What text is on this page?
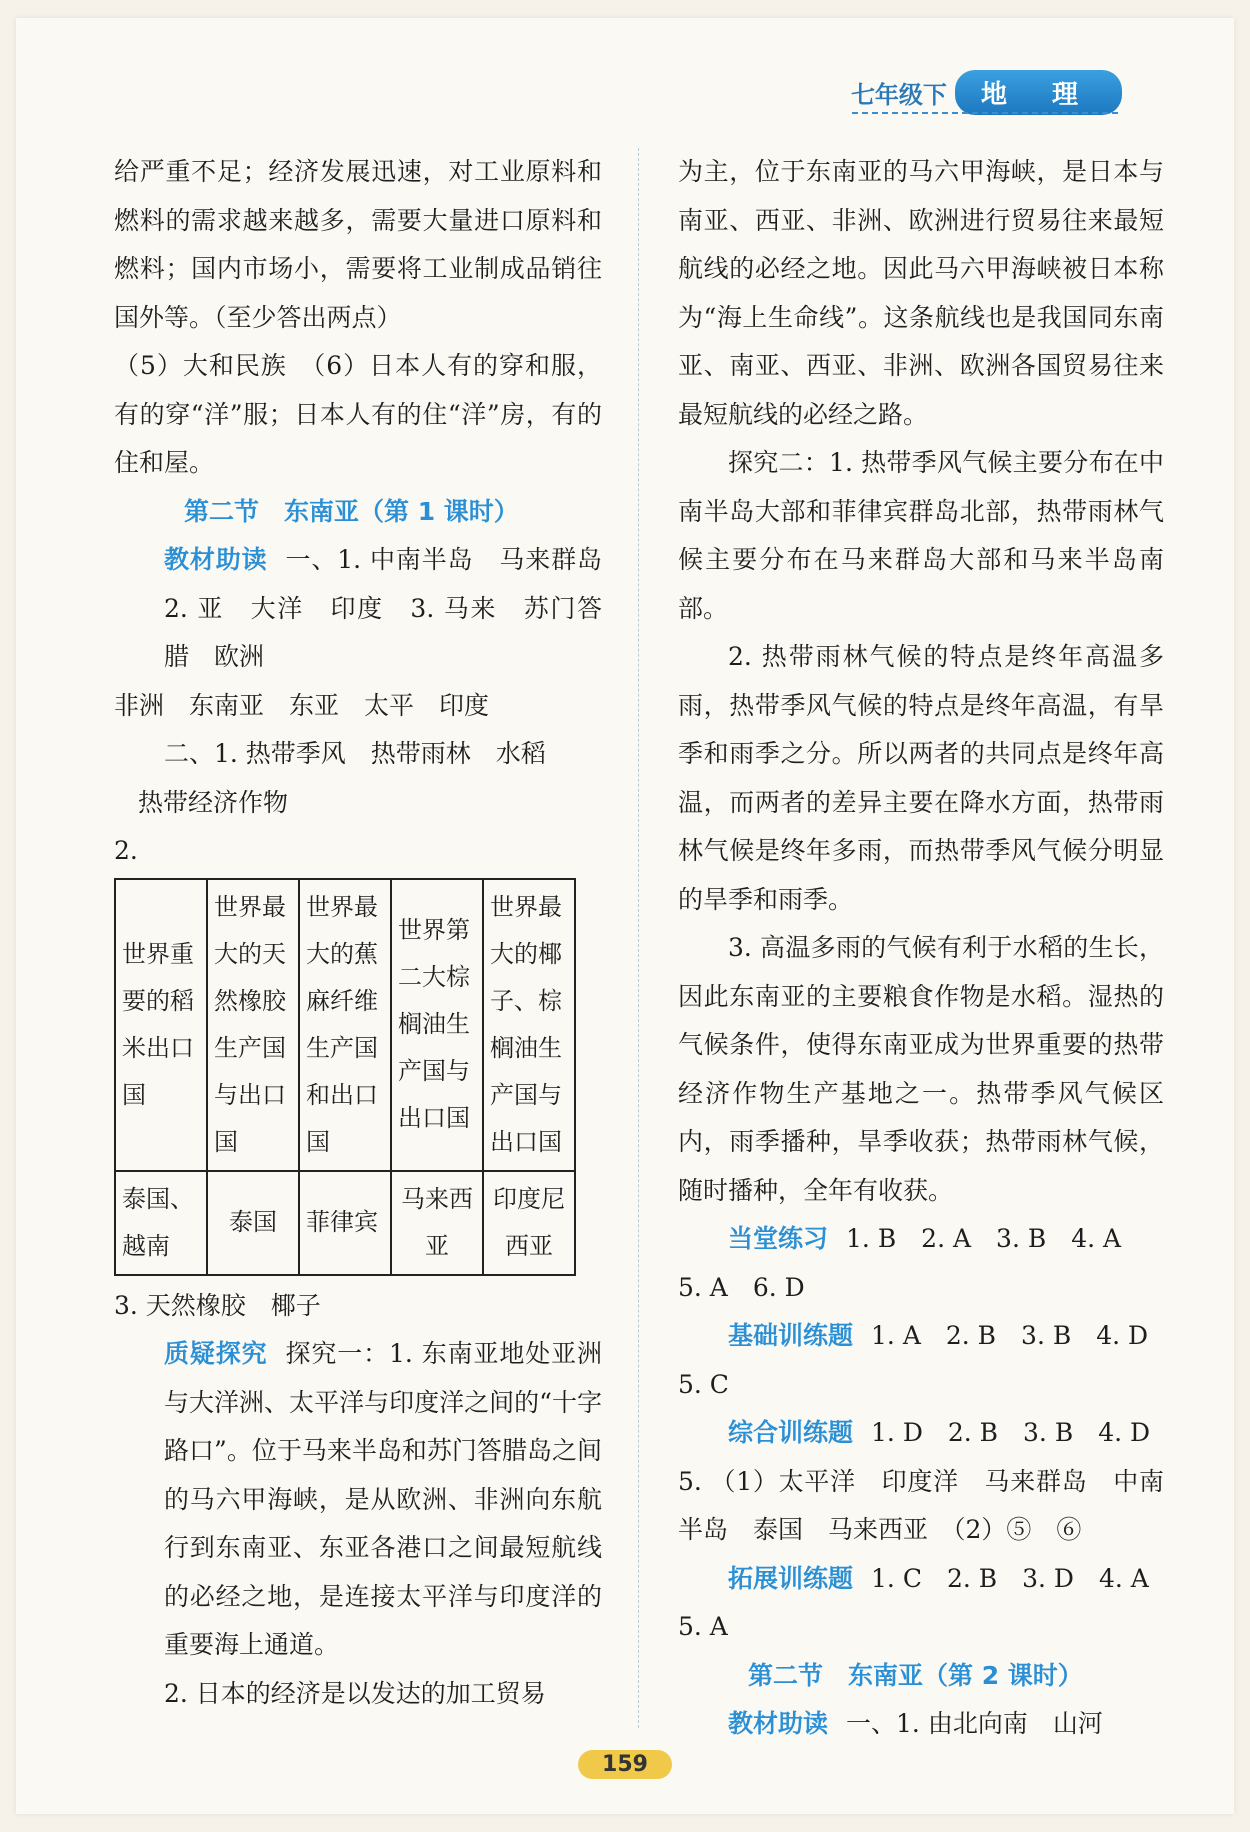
七年级下	地 理

给严重不足；经济发展迅速，对工业原料和燃料的需求越来越多，需要大量进口原料和燃料；国内市场小，需要将工业制成品销往国外等。（至少答出两点）

（5）大和民族　（6）日本人有的穿和服，有的穿“洋”服；日本人有的住“洋”房，有的住和屋。

第二节　东南亚（第 1 课时）

教材助读 一、1. 中南半岛　马来群岛　2. 亚　大洋　印度　3. 马来　苏门答腊　欧洲

非洲　东南亚　东亚　太平　印度

二、1. 热带季风　热带雨林　水稻

热带经济作物

2.

世界重要的稻米出口国	世界最大的天然橡胶生产国与出口国	世界最大的蕉麻纤维生产国和出口国	世界第二大棕榈油生产国与出口国	世界最大的椰子、棕榈油生产国与出口国
泰国、越南	泰国	菲律宾	马来西亚	印度尼西亚

3. 天然橡胶　椰子

质疑探究 探究一：1. 东南亚地处亚洲与大洋洲、太平洋与印度洋之间的“十字路口”。位于马来半岛和苏门答腊岛之间的马六甲海峡，是从欧洲、非洲向东航行到东南亚、东亚各港口之间最短航线的必经之地，是连接太平洋与印度洋的重要海上通道。

2. 日本的经济是以发达的加工贸易

为主，位于东南亚的马六甲海峡，是日本与南亚、西亚、非洲、欧洲进行贸易往来最短航线的必经之地。因此马六甲海峡被日本称为“海上生命线”。这条航线也是我国同东南亚、南亚、西亚、非洲、欧洲各国贸易往来最短航线的必经之路。

探究二：1. 热带季风气候主要分布在中南半岛大部和菲律宾群岛北部，热带雨林气候主要分布在马来群岛大部和马来半岛南部。

2. 热带雨林气候的特点是终年高温多雨，热带季风气候的特点是终年高温，有旱季和雨季之分。所以两者的共同点是终年高温，而两者的差异主要在降水方面，热带雨林气候是终年多雨，而热带季风气候分明显的旱季和雨季。

3. 高温多雨的气候有利于水稻的生长，因此东南亚的主要粮食作物是水稻。湿热的气候条件，使得东南亚成为世界重要的热带经济作物生产基地之一。热带季风气候区内，雨季播种，旱季收获；热带雨林气候，随时播种，全年有收获。

当堂练习 1. B　2. A　3. B　4. A

5. A　6. D

基础训练题 1. A　2. B　3. B　4. D

5. C

综合训练题 1. D　2. B　3. B　4. D

5. （1）太平洋　印度洋　马来群岛　中南半岛　泰国　马来西亚　（2）⑤　⑥

拓展训练题 1. C　2. B　3. D　4. A

5. A

第二节　东南亚（第 2 课时）

教材助读 一、1. 由北向南　山河

159
